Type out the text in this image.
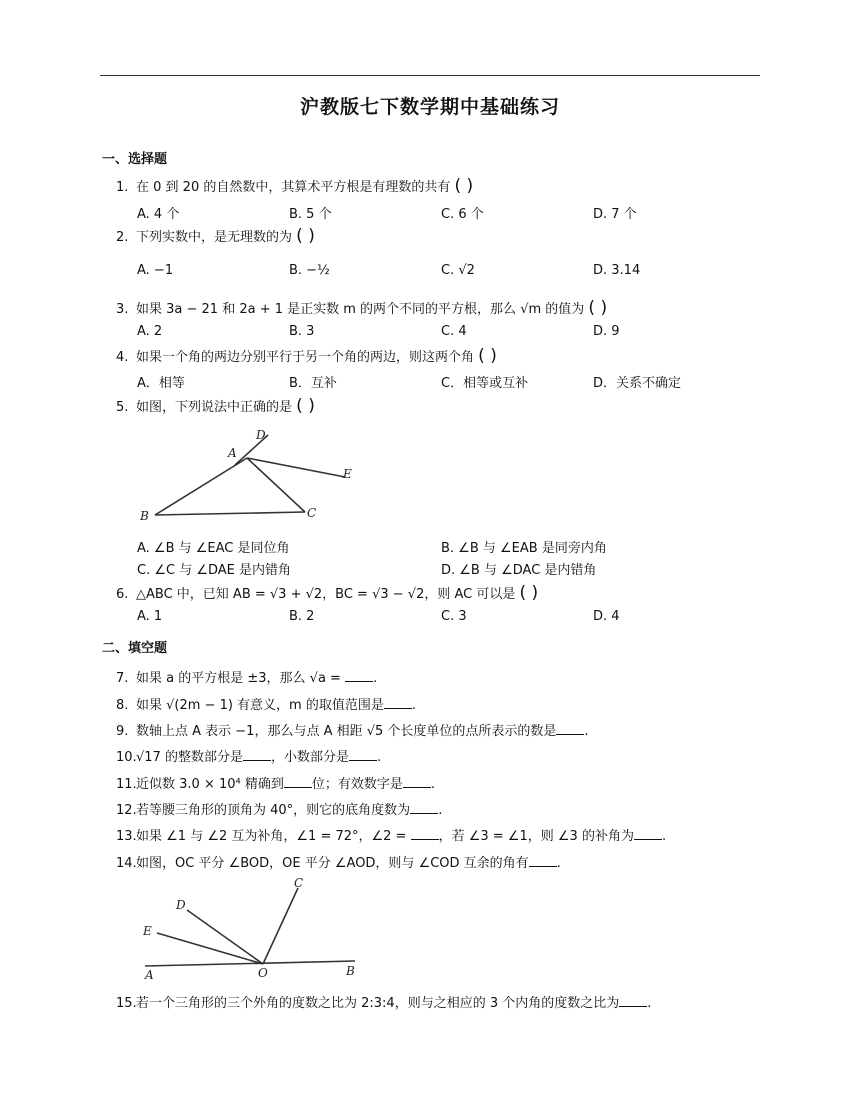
沪教版七下数学期中基础练习
一、选择题
1. 在 0 到 20 的自然数中，其算术平方根是有理数的共有 ( )
A. 4 个	B. 5 个	C. 6 个	D. 7 个
2. 下列实数中，是无理数的为 ( )
A. −1	B. −½	C. √2	D. 3.14
3. 如果 3a − 21 和 2a + 1 是正实数 m 的两个不同的平方根，那么 √m 的值为 ( )
A. 2	B. 3	C. 4	D. 9
4. 如果一个角的两边分别平行于另一个角的两边，则这两个角 ( )
A．相等	B．互补	C．相等或互补	D．关系不确定
5. 如图，下列说法中正确的是 ( )
A
D
E
B	C
A. ∠B 与 ∠EAC 是同位角	B. ∠B 与 ∠EAB 是同旁内角
C. ∠C 与 ∠DAE 是内错角	D. ∠B 与 ∠DAC 是内错角
6. △ABC 中，已知 AB = √3 + √2，BC = √3 − √2，则 AC 可以是 ( )
A. 1	B. 2	C. 3	D. 4
二、填空题
7. 如果 a 的平方根是 ±3，那么 √a = .
8. 如果 √(2m − 1) 有意义，m 的取值范围是 .
9. 数轴上点 A 表示 −1，那么与点 A 相距 √5 个长度单位的点所表示的数是 .
10.√17 的整数部分是 ，小数部分是 .
11.近似数 3.0 × 10⁴ 精确到 位；有效数字是 .
12.若等腰三角形的顶角为 40°，则它的底角度数为 .
13.如果 ∠1 与 ∠2 互为补角，∠1 = 72°，∠2 = ，若 ∠3 = ∠1，则 ∠3 的补角为 .
14.如图，OC 平分 ∠BOD，OE 平分 ∠AOD，则与 ∠COD 互余的角有 .
C
D
E
A	O	B
15.若一个三角形的三个外角的度数之比为 2:3:4，则与之相应的 3 个内角的度数之比为 .
